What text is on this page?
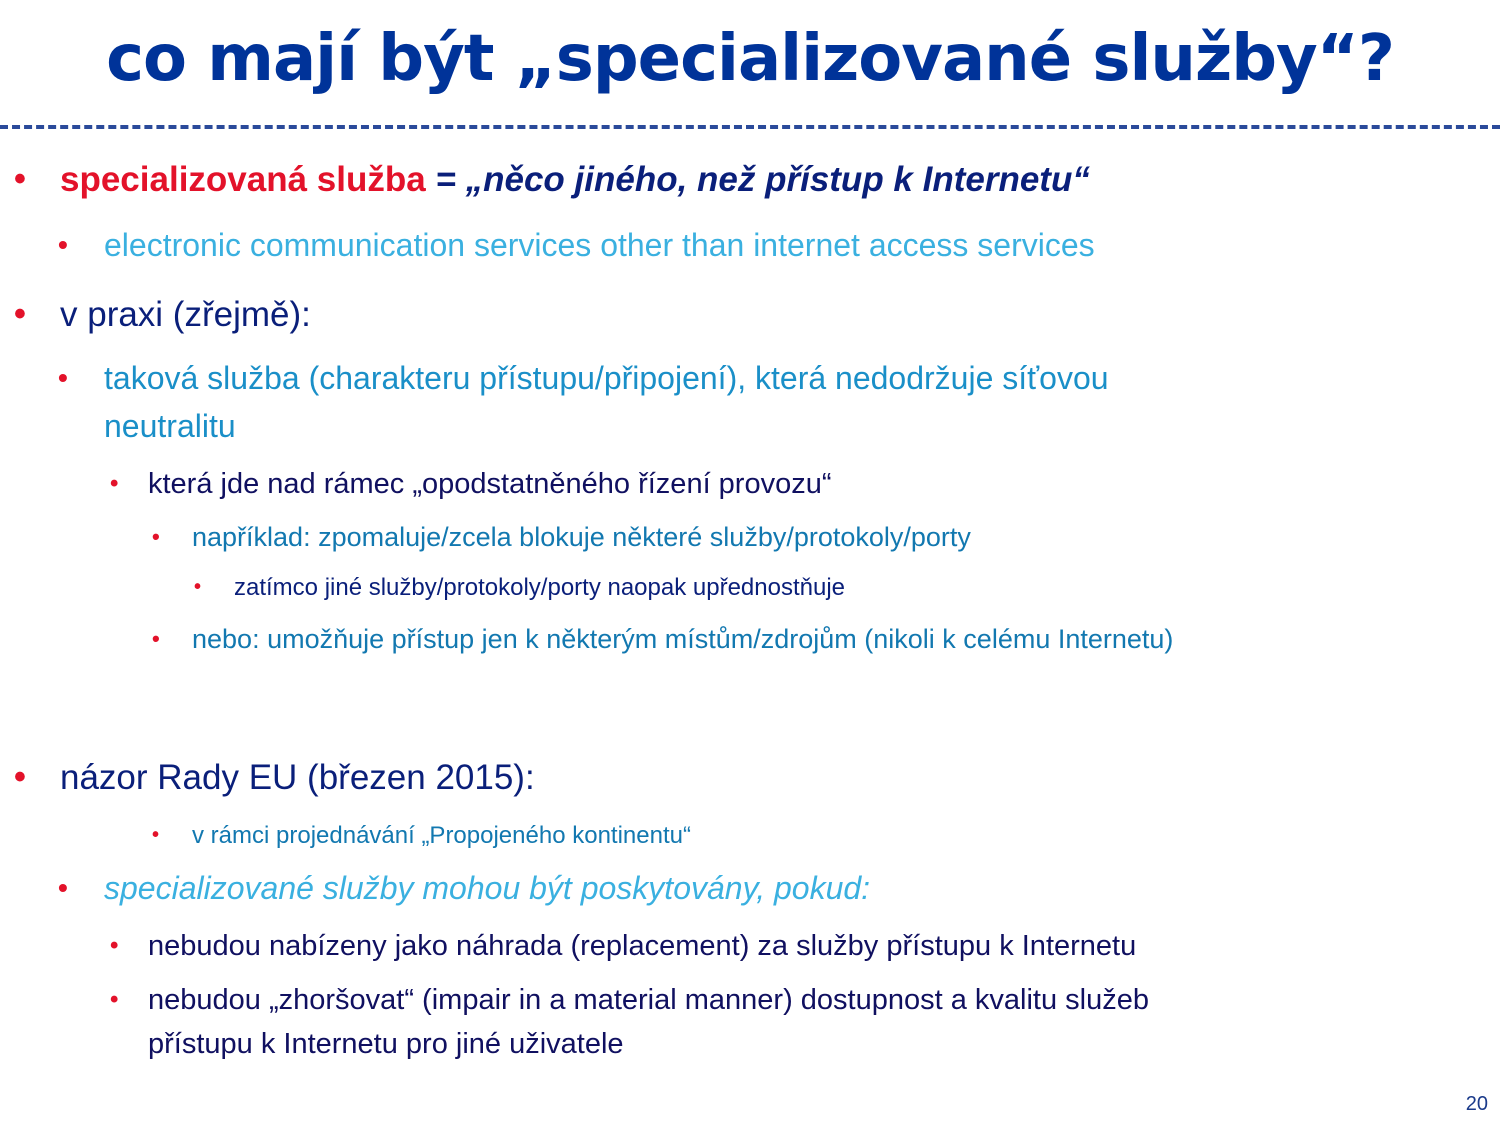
co mají být „specializované služby“?
• specializovaná služba = „něco jiného, než přístup k Internetu“
• electronic communication services other than internet access services
• v praxi (zřejmě):
• taková služba (charakteru přístupu/připojení), která nedodržuje síťovou
neutralitu
• která jde nad rámec „opodstatněného řízení provozu“
• například: zpomaluje/zcela blokuje některé služby/protokoly/porty
• zatímco jiné služby/protokoly/porty naopak upřednostňuje
• nebo: umožňuje přístup jen k některým místům/zdrojům (nikoli k celému Internetu)
• názor Rady EU (březen 2015):
• v rámci projednávání „Propojeného kontinentu“
• specializované služby mohou být poskytovány, pokud:
• nebudou nabízeny jako náhrada (replacement) za služby přístupu k Internetu
• nebudou „zhoršovat“ (impair in a material manner) dostupnost a kvalitu služeb
přístupu k Internetu pro jiné uživatele
20
